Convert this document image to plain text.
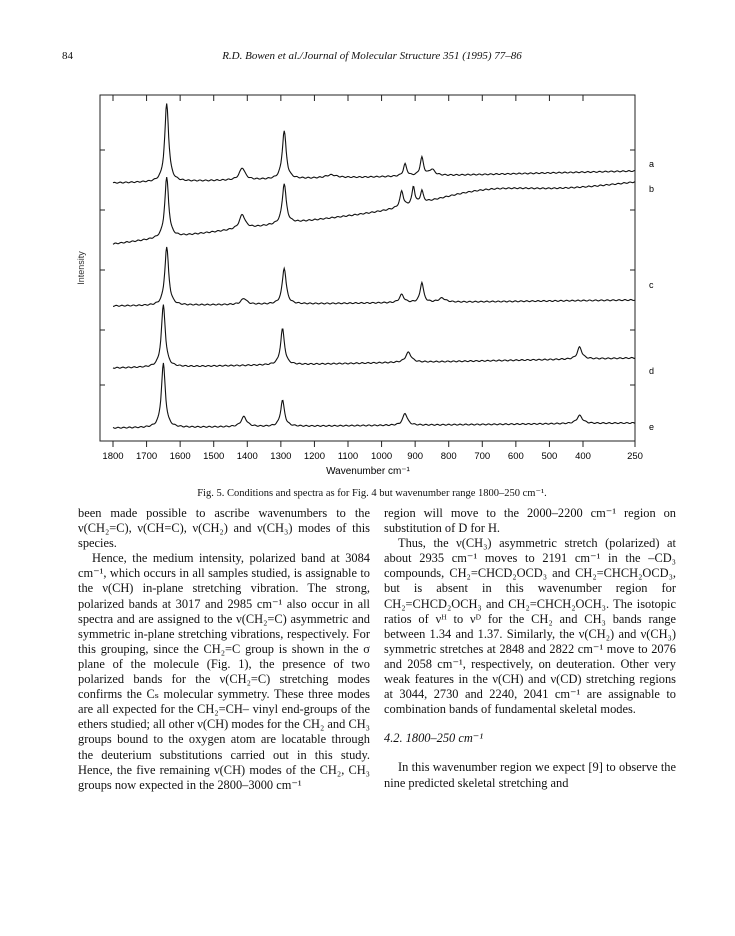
84	R.D. Bowen et al./Journal of Molecular Structure 351 (1995) 77–86
1800 1700 1600 1500 1400 1300 1200 1100 1000 900 800 700 600 500 400	250
a
b
c
d
e
Wavenumber cm⁻¹
Intensity
Fig. 5. Conditions and spectra as for Fig. 4 but wavenumber range 1800–250 cm⁻¹.

been made possible to ascribe wavenumbers to the ν(CH₂=C), ν(CH=C), ν(CH₂) and ν(CH₃) modes of this species.

Hence, the medium intensity, polarized band at 3084 cm⁻¹, which occurs in all samples studied, is assignable to the ν(CH) in-plane stretching vibration. The strong, polarized bands at 3017 and 2985 cm⁻¹ also occur in all spectra and are assigned to the ν(CH₂=C) asymmetric and symmetric in-plane stretching vibrations, respectively. For this grouping, since the CH₂=C group is shown in the σ plane of the molecule (Fig. 1), the presence of two polarized bands for the ν(CH₂=C) stretching modes confirms the Cₛ molecular symmetry. These three modes are all expected for the CH₂=CH– vinyl end-groups of the ethers studied; all other ν(CH) modes for the CH₂ and CH₃ groups bound to the oxygen atom are locatable through the deuterium substitutions carried out in this study. Hence, the five remaining ν(CH) modes of the CH₂, CH₃ groups now expected in the 2800–3000 cm⁻¹

region will move to the 2000–2200 cm⁻¹ region on substitution of D for H.

Thus, the ν(CH₃) asymmetric stretch (polarized) at about 2935 cm⁻¹ moves to 2191 cm⁻¹ in the –CD₃ compounds, CH₂=CHCD₂OCD₃ and CH₂=CHCH₂OCD₃, but is absent in this wavenumber region for CH₂=CHCD₂OCH₃ and CH₂=CHCH₂OCH₃. The isotopic ratios of νᴴ to νᴰ for the CH₂ and CH₃ bands range between 1.34 and 1.37. Similarly, the ν(CH₂) and ν(CH₃) symmetric stretches at 2848 and 2822 cm⁻¹ move to 2076 and 2058 cm⁻¹, respectively, on deuteration. Other very weak features in the ν(CH) and ν(CD) stretching regions at 3044, 2730 and 2240, 2041 cm⁻¹ are assignable to combination bands of fundamental skeletal modes.

4.2. 1800–250 cm⁻¹

In this wavenumber region we expect [9] to observe the nine predicted skeletal stretching and
